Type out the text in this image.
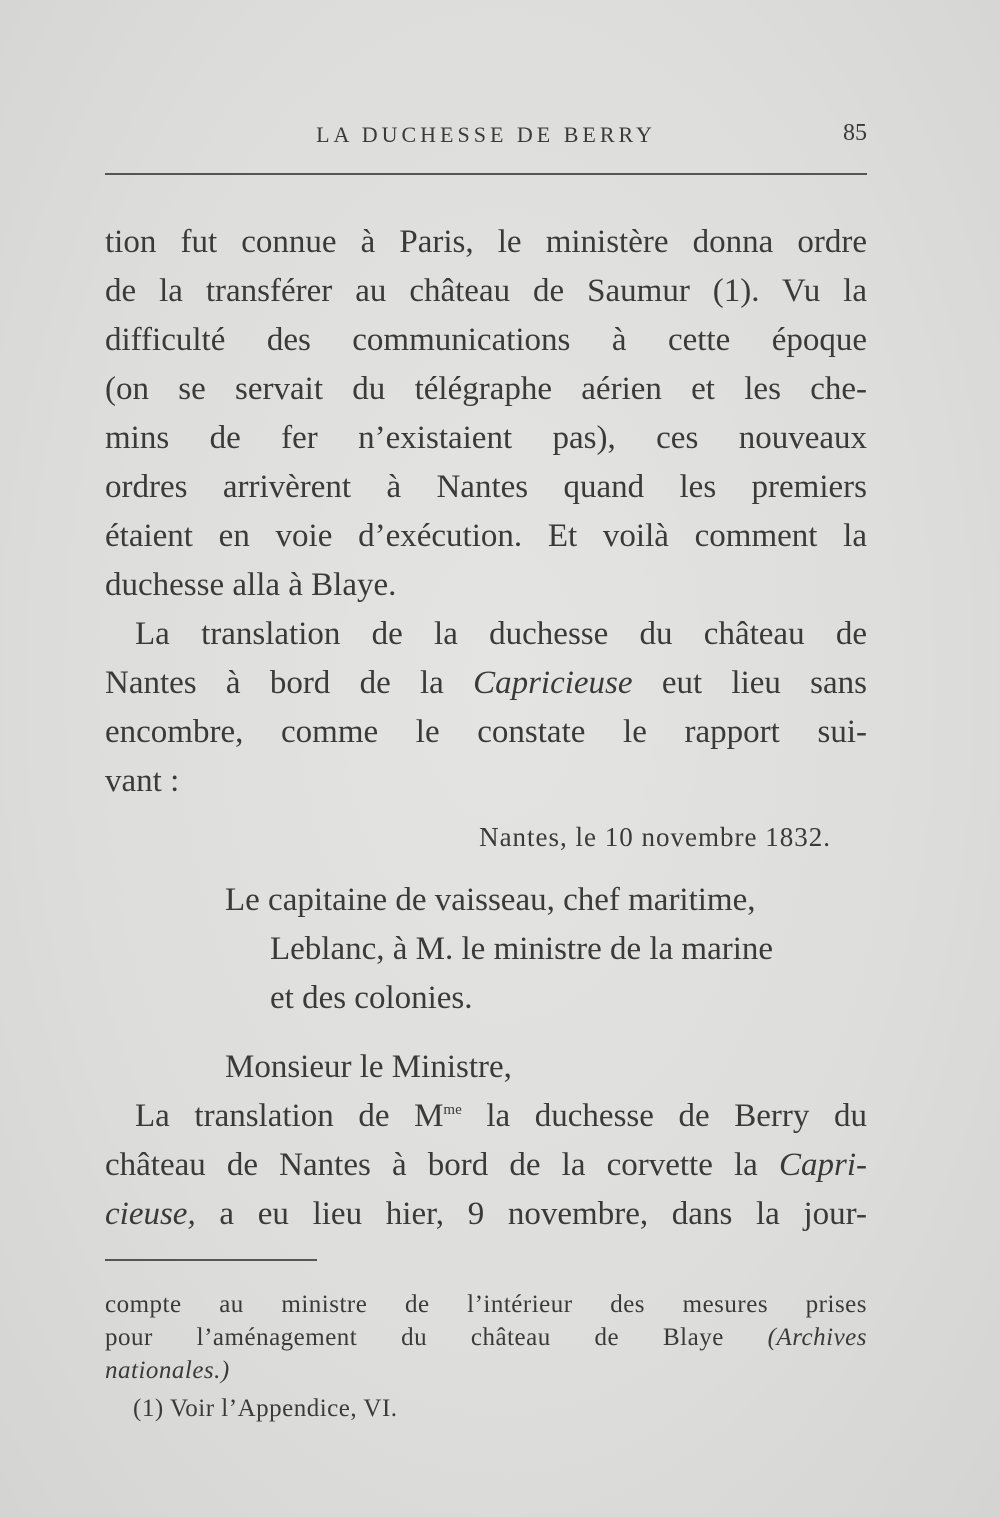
LA DUCHESSE DE BERRY	85
tion fut connue à Paris, le ministère donna ordre
de la transférer au château de Saumur (1). Vu la
difficulté des communications à cette époque
(on se servait du télégraphe aérien et les che-
mins de fer n’existaient pas), ces nouveaux
ordres arrivèrent à Nantes quand les premiers
étaient en voie d’exécution. Et voilà comment la
duchesse alla à Blaye.
La translation de la duchesse du château de
Nantes à bord de la Capricieuse eut lieu sans
encombre, comme le constate le rapport sui-
vant :
Nantes, le 10 novembre 1832.
Le capitaine de vaisseau, chef maritime,
Leblanc, à M. le ministre de la marine
et des colonies.
Monsieur le Ministre,
La translation de $M^{me}$ la duchesse de Berry du
château de Nantes à bord de la corvette la Capri-
cieuse, a eu lieu hier, 9 novembre, dans la jour-
compte au ministre de l’intérieur des mesures prises
pour l’aménagement du château de Blaye (Archives
nationales.)
(1) Voir l’Appendice, VI.
